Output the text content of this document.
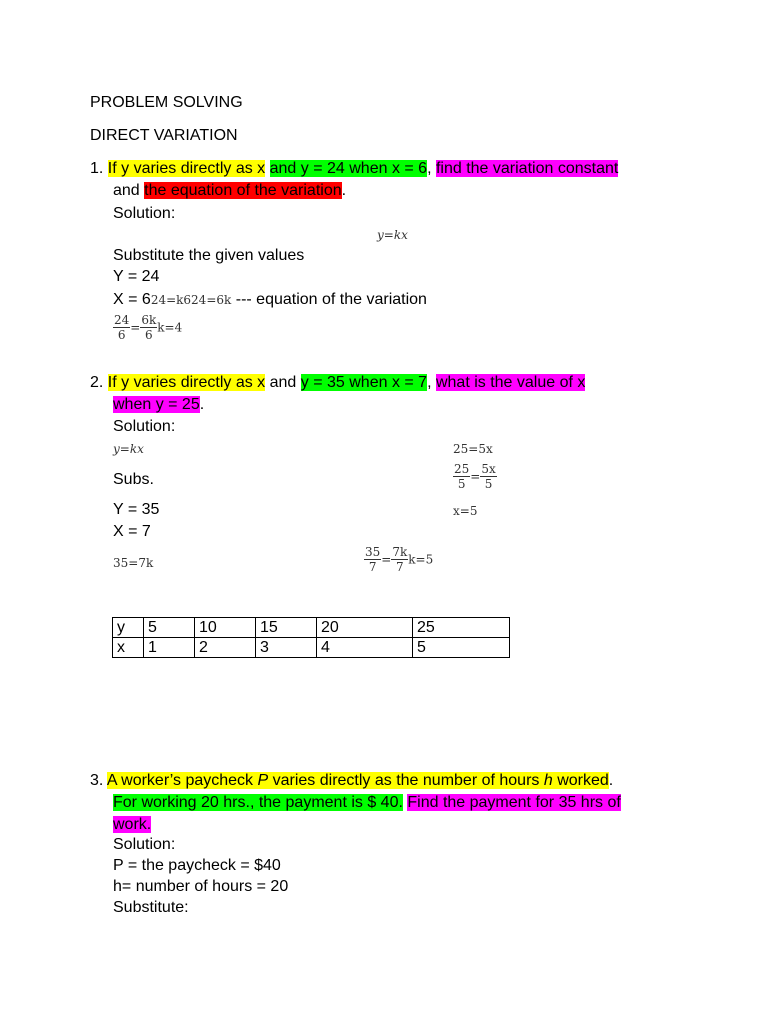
PROBLEM SOLVING
DIRECT VARIATION
1. If y varies directly as x and y = 24 when x = 6, find the variation constant
and the equation of the variation.
Solution:
y=kx
Substitute the given values
Y = 24
X = 624=k624=6k --- equation of the variation
$\frac{24}{6} = \frac{6k}{6} k=4$
2. If y varies directly as x and y = 35 when x = 7, what is the value of x
when y = 25.
Solution:
y=kx
Subs.
Y = 35
X = 7
35=7k	$\frac{35}{7} = \frac{7k}{7} k=5$
25=5x
$\frac{25}{5} = \frac{5x}{5}$
x=5
y	5	10	15	20	25
x	1	2	3	4	5
3. A worker’s paycheck P varies directly as the number of hours h worked.
For working 20 hrs., the payment is $ 40. Find the payment for 35 hrs of
work.
Solution:
P = the paycheck = $40
h= number of hours = 20
Substitute:
